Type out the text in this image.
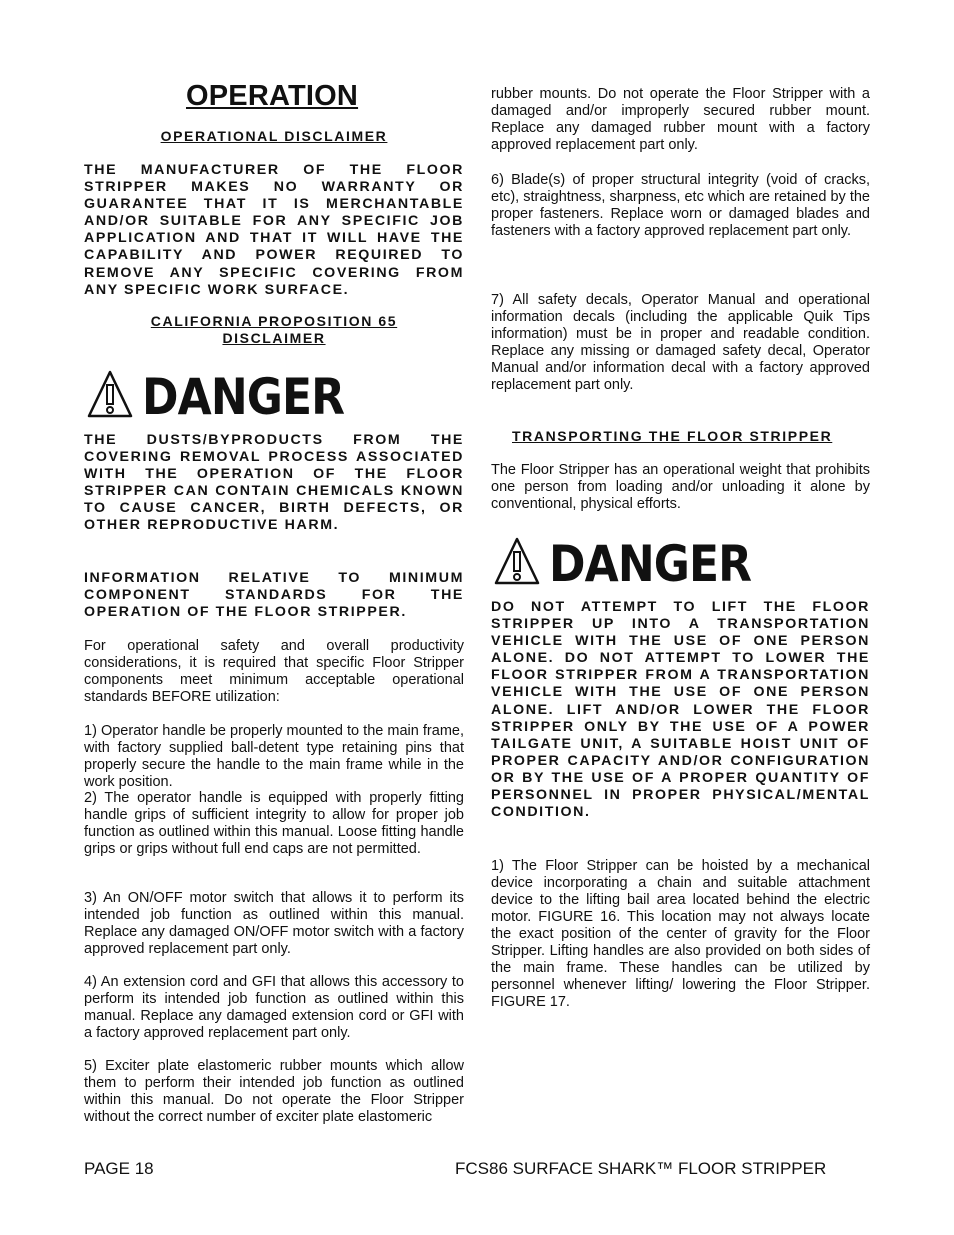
OPERATION

OPERATIONAL DISCLAIMER

THE MANUFACTURER OF THE FLOOR STRIPPER MAKES NO WARRANTY OR GUARANTEE THAT IT IS MERCHANTABLE AND/OR SUITABLE FOR ANY SPECIFIC JOB APPLICATION AND THAT IT WILL HAVE THE CAPABILITY AND POWER REQUIRED TO REMOVE ANY SPECIFIC COVERING FROM ANY SPECIFIC WORK SURFACE.

CALIFORNIA PROPOSITION 65

DISCLAIMER

DANGER

THE DUSTS/BYPRODUCTS FROM THE COVERING REMOVAL PROCESS ASSOCIATED WITH THE OPERATION OF THE FLOOR STRIPPER CAN CONTAIN CHEMICALS KNOWN TO CAUSE CANCER, BIRTH DEFECTS, OR OTHER REPRODUCTIVE HARM.

INFORMATION RELATIVE TO MINIMUM COMPONENT STANDARDS FOR THE OPERATION OF THE FLOOR STRIPPER.

For operational safety and overall productivity considerations, it is required that specific Floor Stripper components meet minimum acceptable operational standards BEFORE utilization:

1) Operator handle be properly mounted to the main frame, with factory supplied ball-detent type retaining pins that properly secure the handle to the main frame while in the work position.

2) The operator handle is equipped with properly fitting handle grips of sufficient integrity to allow for proper job function as outlined within this manual. Loose fitting handle grips or grips without full end caps are not permitted.

3) An ON/OFF motor switch that allows it to perform its intended job function as outlined within this manual. Replace any damaged ON/OFF motor switch with a factory approved replacement part only.

4) An extension cord and GFI that allows this accessory to perform its intended job function as outlined within this manual. Replace any damaged extension cord or GFI with a factory approved replacement part only.

5) Exciter plate elastomeric rubber mounts which allow them to perform their intended job function as outlined within this manual. Do not operate the Floor Stripper without the correct number of exciter plate elastomeric

rubber mounts. Do not operate the Floor Stripper with a damaged and/or improperly secured rubber mount. Replace any damaged rubber mount with a factory approved replacement part only.

6) Blade(s) of proper structural integrity (void of cracks, etc), straightness, sharpness, etc which are retained by the proper fasteners. Replace worn or damaged blades and fasteners with a factory approved replacement part only.

7) All safety decals, Operator Manual and operational information decals (including the applicable Quik Tips information) must be in proper and readable condition. Replace any missing or damaged safety decal, Operator Manual and/or information decal with a factory approved replacement part only.

TRANSPORTING THE FLOOR STRIPPER

The Floor Stripper has an operational weight that prohibits one person from loading and/or unloading it alone by conventional, physical efforts.

DANGER

DO NOT ATTEMPT TO LIFT THE FLOOR STRIPPER UP INTO A TRANSPORTATION VEHICLE WITH THE USE OF ONE PERSON ALONE. DO NOT ATTEMPT TO LOWER THE FLOOR STRIPPER FROM A TRANSPORTATION VEHICLE WITH THE USE OF ONE PERSON ALONE. LIFT AND/OR LOWER THE FLOOR STRIPPER ONLY BY THE USE OF A POWER TAILGATE UNIT, A SUITABLE HOIST UNIT OF PROPER CAPACITY AND/OR CONFIGURATION OR BY THE USE OF A PROPER QUANTITY OF PERSONNEL IN PROPER PHYSICAL/MENTAL CONDITION.

1) The Floor Stripper can be hoisted by a mechanical device incorporating a chain and suitable attachment device to the lifting bail area located behind the electric motor. FIGURE 16. This location may not always locate the exact position of the center of gravity for the Floor Stripper. Lifting handles are also provided on both sides of the main frame. These handles can be utilized by personnel whenever lifting/ lowering the Floor Stripper. FIGURE 17.

PAGE 18	FCS86 SURFACE SHARK™ FLOOR STRIPPER
